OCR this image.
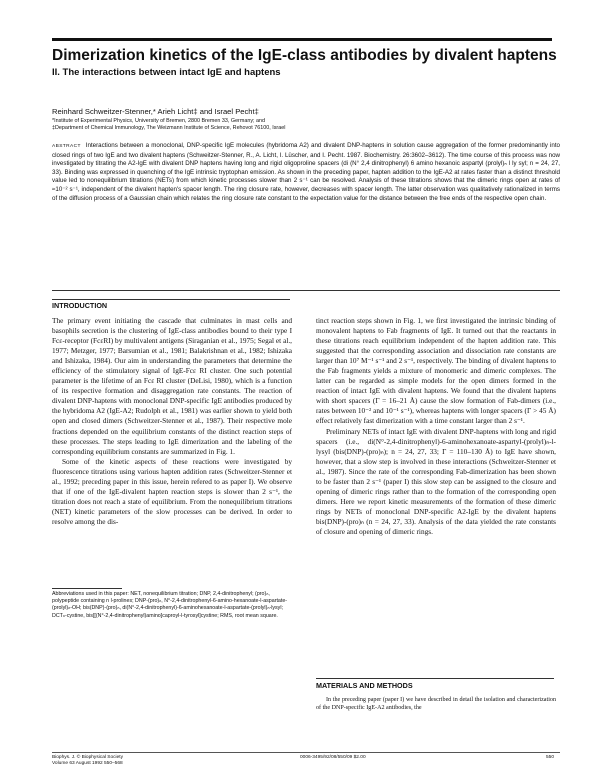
Dimerization kinetics of the IgE-class antibodies by divalent haptens
II. The interactions between intact IgE and haptens
Reinhard Schweitzer-Stenner,* Arieh Licht‡ and Israel Pecht‡
*Institute of Experimental Physics, University of Bremen, 2800 Bremen 33, Germany; and
‡Department of Chemical Immunology, The Weizmann Institute of Science, Rehovot 76100, Israel
ABSTRACT Interactions between a monoclonal, DNP-specific IgE molecules (hybridoma A2) and divalent DNP-haptens in solution cause aggregation of the former predominantly into closed rings of two IgE and two divalent haptens (Schweitzer-Stenner, R., A. Licht, I. Lüscher, and I. Pecht. 1987. Biochemistry. 26:3602–3612). The time course of this process was now investigated by titrating the A2-IgE with divalent DNP haptens having long and rigid oligoproline spacers (di (N° 2,4 dinitrophenyl) 6 amino hexanoic aspartyl (prolyl)ₙ l ly syl; n = 24, 27, 33). Binding was expressed in quenching of the IgE intrinsic tryptophan emission. As shown in the preceding paper, hapten addition to the IgE-A2 at rates faster than a distinct threshold value led to nonequilibrium titrations (NETs) from which kinetic processes slower than 2 s⁻¹ can be resolved. Analysis of these titrations shows that the dimeric rings open at rates of ≈10⁻² s⁻¹, independent of the divalent hapten's spacer length. The ring closure rate, however, decreases with spacer length. The latter observation was qualitatively rationalized in terms of the diffusion process of a Gaussian chain which relates the ring closure rate constant to the expectation value for the distance between the free ends of the respective open chain.
INTRODUCTION

The primary event initiating the cascade that culminates in mast cells and basophils secretion is the clustering of IgE-class antibodies bound to their type I Fcε-receptor (FcεRI) by multivalent antigens (Siraganian et al., 1975; Segal et al., 1977; Metzger, 1977; Barsumian et al., 1981; Balakrishnan et al., 1982; Ishizaka and Ishizaka, 1984). Our aim in understanding the parameters that determine the efficiency of the stimulatory signal of IgE-Fcε RI cluster. One such potential parameter is the lifetime of an Fcε RI cluster (DeLisi, 1980), which is a function of its respective formation and disaggregation rate constants. The reaction of divalent DNP-haptens with monoclonal DNP-specific IgE antibodies produced by the hybridoma A2 (IgE-A2; Rudolph et al., 1981) was earlier shown to yield both open and closed dimers (Schweitzer-Stenner et al., 1987). Their respective mole fractions depended on the equilibrium constants of the distinct reaction steps of these processes. The steps leading to IgE dimerization and the labeling of the corresponding equilibrium constants are summarized in Fig. 1.

Some of the kinetic aspects of these reactions were investigated by fluorescence titrations using various hapten addition rates (Schweitzer-Stenner et al., 1992; preceding paper in this issue, herein refered to as paper I). We observe that if one of the IgE-divalent hapten reaction steps is slower than 2 s⁻¹, the titration does not reach a state of equilibrium. From the nonequilibrium titrations (NET) kinetic parameters of the slow processes can be derived. In order to resolve among the dis-

Abbreviations used in this paper: NET, nonequilibrium titration; DNP, 2,4-dinitrophenyl; (pro)ₙ, polypeptide containing n l-prolines; DNP-(pro)ₙ, N°-2,4-dinitrophenyl-6-amino-hexanoate-l-aspartate-(prolyl)ₙ-OH; bis(DNP)-(pro)ₙ, di(N°-2,4-dinitrophenyl)-6-aminohexanoate-l-aspartate-(prolyl)ₙ-lysyl; DCTₙ-cystine, bis[[(N°-2,4-dinitrophenyl)amino]caproyl-l-tyrosyl]cystine; RMS, root mean square.

tinct reaction steps shown in Fig. 1, we first investigated the intrinsic binding of monovalent haptens to Fab fragments of IgE. It turned out that the reactants in these titrations reach equilibrium independent of the hapten addition rate. This suggested that the corresponding association and dissociation rate constants are larger than 10⁷ M⁻¹ s⁻¹ and 2 s⁻¹, respectively. The binding of divalent haptens to the Fab fragments yields a mixture of monomeric and dimeric complexes. The latter can be regarded as simple models for the open dimers formed in the reaction of intact IgE with divalent haptens. We found that the divalent haptens with short spacers (Γ = 16–21 Å) cause the slow formation of Fab-dimers (i.e., rates between 10⁻² and 10⁻¹ s⁻¹), whereas haptens with longer spacers (Γ > 45 Å) effect relatively fast dimerization with a time constant larger than 2 s⁻¹.

Preliminary NETs of intact IgE with divalent DNP-haptens with long and rigid spacers (i.e., di(N°-2,4-dinitrophenyl)-6-aminohexanoate-aspartyl-(prolyl)ₙ-l-lysyl (bis(DNP)-(pro)ₙ); n = 24, 27, 33; Γ = 110–130 Å) to IgE have shown, however, that a slow step is involved in these interactions (Schweitzer-Stenner et al., 1987). Since the rate of the corresponding Fab-dimerization has been shown to be faster than 2 s⁻¹ (paper I) this slow step can be assigned to the closure and opening of dimeric rings rather than to the formation of the corresponding open dimers. Here we report kinetic measurements of the formation of these dimeric rings by NETs of monoclonal DNP-specific A2-IgE by the divalent haptens bis(DNP)-(pro)ₙ (n = 24, 27, 33). Analysis of the data yielded the rate constants of closure and opening of dimeric rings.

MATERIALS AND METHODS

In the preceding paper (paper I) we have described in detail the isolation and characterization of the DNP-specific IgE-A2 antibodies, the

Biophys. J. © Biophysical Society
Volume 63 August 1992 550–568
0006-3495/92/08/550/09 $2.00	550
